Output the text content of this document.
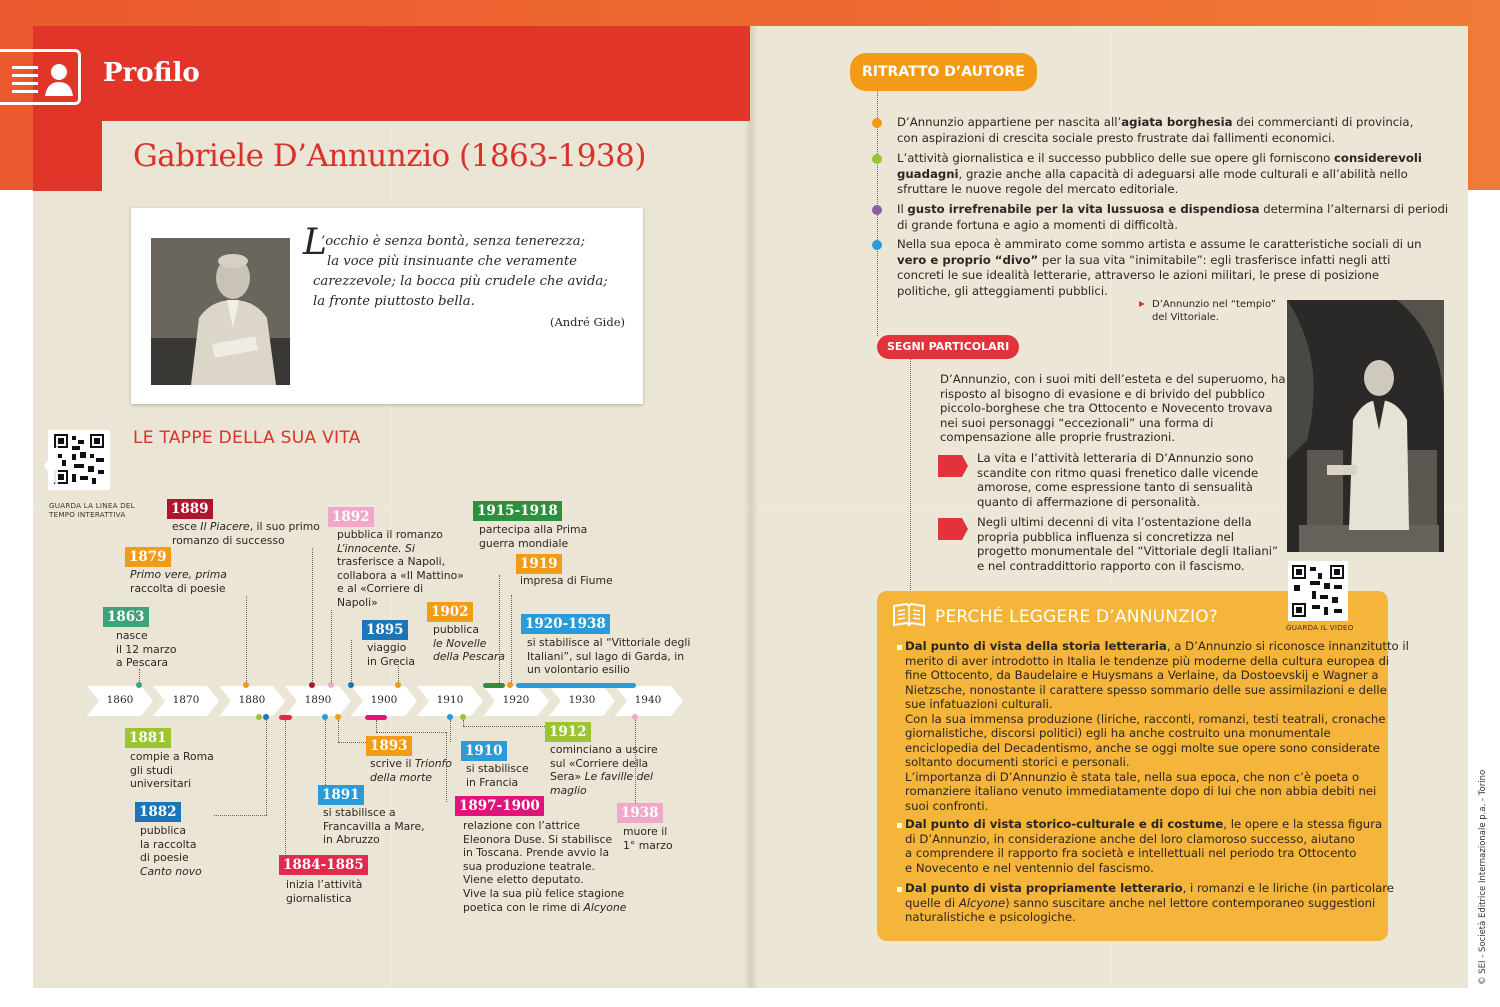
Profilo
Gabriele D’Annunzio (1863-1938)
L
’occhio è senza bontà, senza tenerezza;
la voce più insinuante che veramente
carezzevole; la bocca più crudele che avida;
la fronte piuttosto bella.
(André Gide)
LE TAPPE DELLA SUA VITA
GUARDA LA LINEA DEL
TEMPO INTERATTIVA
1860	1870	1880	1890	1900	1910	1920	1930	1940
1863
nasce
il 12 marzo
a Pescara
1879
Primo vere, prima
raccolta di poesie
1889
esce Il Piacere, il suo primo
romanzo di successo
1892
pubblica il romanzo
L’innocente. Si
trasferisce a Napoli,
collabora a «Il Mattino»
e al «Corriere di
Napoli»
1895
viaggio
in Grecia
1902
pubblica
le Novelle
della Pescara
1915-1918
partecipa alla Prima
guerra mondiale
1919
impresa di Fiume
1920-1938
si stabilisce al “Vittoriale degli
Italiani”, sul lago di Garda, in
un volontario esilio
1881
compie a Roma
gli studi
universitari
1882
pubblica
la raccolta
di poesie
Canto novo	1884-1885
inizia l’attività
giornalistica
1891
si stabilisce a
Francavilla a Mare,
in Abruzzo
1893
scrive il Trionfo
della morte
1910
si stabilisce
in Francia
1897-1900
relazione con l’attrice
Eleonora Duse. Si stabilisce
in Toscana. Prende avvio la
sua produzione teatrale.
Viene eletto deputato.
Vive la sua più felice stagione
poetica con le rime di Alcyone
1912
cominciano a uscire
sul «Corriere della
Sera» Le faville del
maglio
1938
muore il
1° marzo
RITRATTO D’AUTORE
D’Annunzio appartiene per nascita all’agiata borghesia dei commercianti di provincia,
con aspirazioni di crescita sociale presto frustrate dai fallimenti economici.
L’attività giornalistica e il successo pubblico delle sue opere gli forniscono considerevoli
guadagni, grazie anche alla capacità di adeguarsi alle mode culturali e all’abilità nello
sfruttare le nuove regole del mercato editoriale.
Il gusto irrefrenabile per la vita lussuosa e dispendiosa determina l’alternarsi di periodi
di grande fortuna e agio a momenti di difficoltà.
Nella sua epoca è ammirato come sommo artista e assume le caratteristiche sociali di un
vero e proprio “divo” per la sua vita “inimitabile”: egli trasferisce infatti negli atti
concreti le sue idealità letterarie, attraverso le azioni militari, le prese di posizione
politiche, gli atteggiamenti pubblici.
D’Annunzio nel “tempio”
del Vittoriale.
SEGNI PARTICOLARI
D’Annunzio, con i suoi miti dell’esteta e del superuomo, ha
risposto al bisogno di evasione e di brivido del pubblico
piccolo-borghese che tra Ottocento e Novecento trovava
nei suoi personaggi “eccezionali” una forma di
compensazione alle proprie frustrazioni.
La vita e l’attività letteraria di D’Annunzio sono
scandite con ritmo quasi frenetico dalle vicende
amorose, come espressione tanto di sensualità
quanto di affermazione di personalità.
Negli ultimi decenni di vita l’ostentazione della
propria pubblica influenza si concretizza nel
progetto monumentale del “Vittoriale degli Italiani”
e nel contraddittorio rapporto con il fascismo.
PERCHÉ LEGGERE D’ANNUNZIO?
GUARDA IL VIDEO
Dal punto di vista della storia letteraria, a D’Annunzio si riconosce innanzitutto il
merito di aver introdotto in Italia le tendenze più moderne della cultura europea di
fine Ottocento, da Baudelaire e Huysmans a Verlaine, da Dostoevskij e Wagner a
Nietzsche, nonostante il carattere spesso sommario delle sue assimilazioni e delle
sue infatuazioni culturali.
Con la sua immensa produzione (liriche, racconti, romanzi, testi teatrali, cronache
giornalistiche, discorsi politici) egli ha anche costruito una monumentale
enciclopedia del Decadentismo, anche se oggi molte sue opere sono considerate
soltanto documenti storici e personali.
L’importanza di D’Annunzio è stata tale, nella sua epoca, che non c’è poeta o
romanziere italiano venuto immediatamente dopo di lui che non abbia debiti nei
suoi confronti.
Dal punto di vista storico-culturale e di costume, le opere e la stessa figura
di D’Annunzio, in considerazione anche del loro clamoroso successo, aiutano
a comprendere il rapporto fra società e intellettuali nel periodo tra Ottocento
e Novecento e nel ventennio del fascismo.
Dal punto di vista propriamente letterario, i romanzi e le liriche (in particolare
quelle di Alcyone) sanno suscitare anche nel lettore contemporaneo suggestioni
naturalistiche e psicologiche.	© SEI - Società Editrice Internazionale p.a. - Torino
